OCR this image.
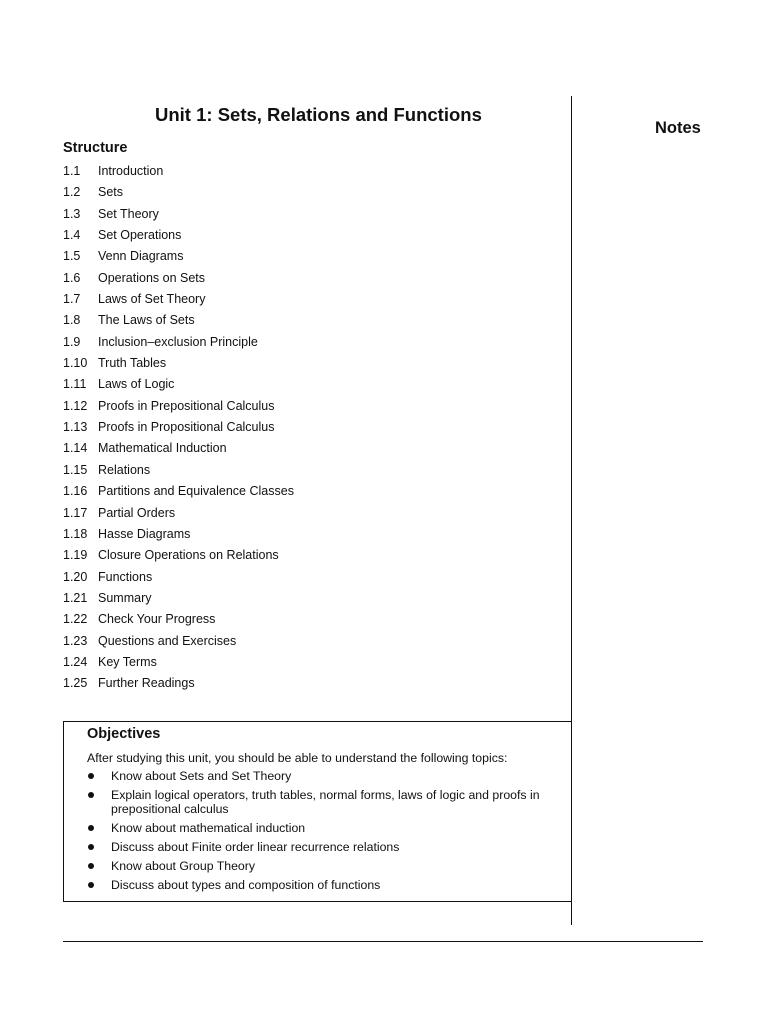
Unit 1: Sets, Relations and Functions
Notes
Structure
1.1	Introduction
1.2	Sets
1.3	Set Theory
1.4	Set Operations
1.5	Venn Diagrams
1.6	Operations on Sets
1.7	Laws of Set Theory
1.8	The Laws of Sets
1.9	Inclusion–exclusion Principle
1.10 Truth Tables
1.11 Laws of Logic
1.12 Proofs in Prepositional Calculus
1.13 Proofs in Propositional Calculus
1.14 Mathematical Induction
1.15 Relations
1.16 Partitions and Equivalence Classes
1.17 Partial Orders
1.18 Hasse Diagrams
1.19 Closure Operations on Relations
1.20 Functions
1.21 Summary
1.22 Check Your Progress
1.23 Questions and Exercises
1.24 Key Terms
1.25 Further Readings
Objectives
After studying this unit, you should be able to understand the following topics:
Know about Sets and Set Theory
Explain logical operators, truth tables, normal forms, laws of logic and proofs in prepositional calculus
Know about mathematical induction
Discuss about Finite order linear recurrence relations
Know about Group Theory
Discuss about types and composition of functions
